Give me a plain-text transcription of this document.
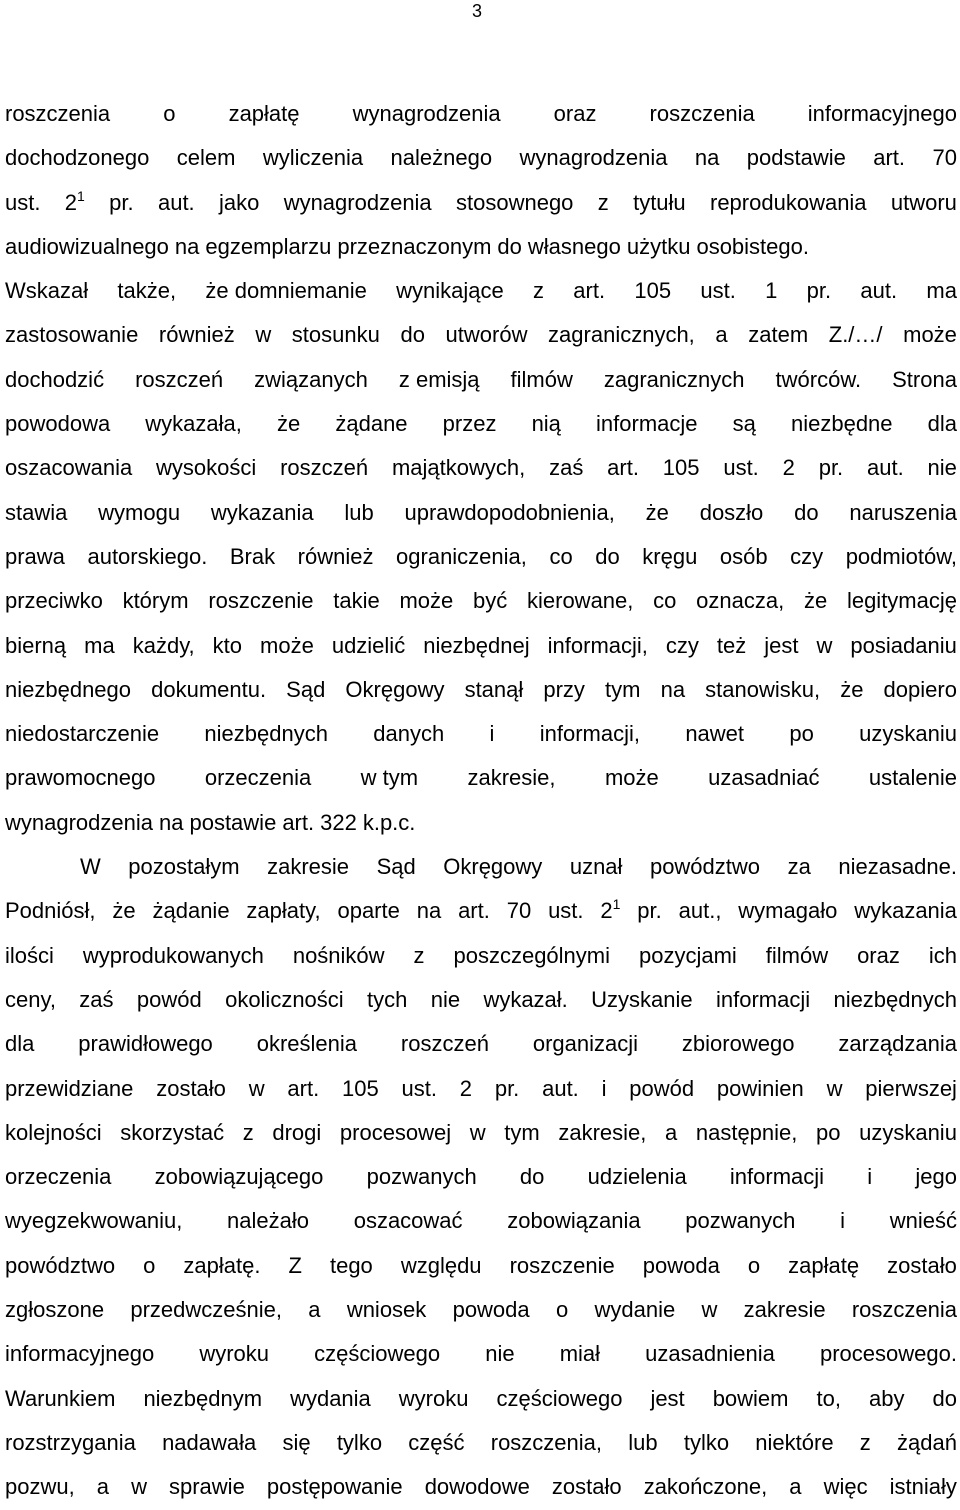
3
roszczenia o zapłatę wynagrodzenia oraz roszczenia informacyjnego
dochodzonego celem wyliczenia należnego wynagrodzenia na podstawie art. 70
ust. $2^1$ pr. aut. jako wynagrodzenia stosownego z tytułu reprodukowania utworu
audiowizualnego na egzemplarzu przeznaczonym do własnego użytku osobistego.
Wskazał także, że domniemanie wynikające z art. 105 ust. 1 pr. aut. ma
zastosowanie również w stosunku do utworów zagranicznych, a zatem Z./…/ może
dochodzić roszczeń związanych z emisją filmów zagranicznych twórców. Strona
powodowa wykazała, że żądane przez nią informacje są niezbędne dla
oszacowania wysokości roszczeń majątkowych, zaś art. 105 ust. 2 pr. aut. nie
stawia wymogu wykazania lub uprawdopodobnienia, że doszło do naruszenia
prawa autorskiego. Brak również ograniczenia, co do kręgu osób czy podmiotów,
przeciwko którym roszczenie takie może być kierowane, co oznacza, że legitymację
bierną ma każdy, kto może udzielić niezbędnej informacji, czy też jest w posiadaniu
niezbędnego dokumentu. Sąd Okręgowy stanął przy tym na stanowisku, że dopiero
niedostarczenie niezbędnych danych i informacji, nawet po uzyskaniu
prawomocnego orzeczenia w tym zakresie, może uzasadniać ustalenie
wynagrodzenia na postawie art. 322 k.p.c.
W pozostałym zakresie Sąd Okręgowy uznał powództwo za niezasadne.
Podniósł, że żądanie zapłaty, oparte na art. 70 ust. $2^1$ pr. aut., wymagało wykazania
ilości wyprodukowanych nośników z poszczególnymi pozycjami filmów oraz ich
ceny, zaś powód okoliczności tych nie wykazał. Uzyskanie informacji niezbędnych
dla prawidłowego określenia roszczeń organizacji zbiorowego zarządzania
przewidziane zostało w art. 105 ust. 2 pr. aut. i powód powinien w pierwszej
kolejności skorzystać z drogi procesowej w tym zakresie, a następnie, po uzyskaniu
orzeczenia zobowiązującego pozwanych do udzielenia informacji i jego
wyegzekwowaniu, należało oszacować zobowiązania pozwanych i wnieść
powództwo o zapłatę. Z tego względu roszczenie powoda o zapłatę zostało
zgłoszone przedwcześnie, a wniosek powoda o wydanie w zakresie roszczenia
informacyjnego wyroku częściowego nie miał uzasadnienia procesowego.
Warunkiem niezbędnym wydania wyroku częściowego jest bowiem to, aby do
rozstrzygania nadawała się tylko część roszczenia, lub tylko niektóre z żądań
pozwu, a w sprawie postępowanie dowodowe zostało zakończone, a więc istniały
